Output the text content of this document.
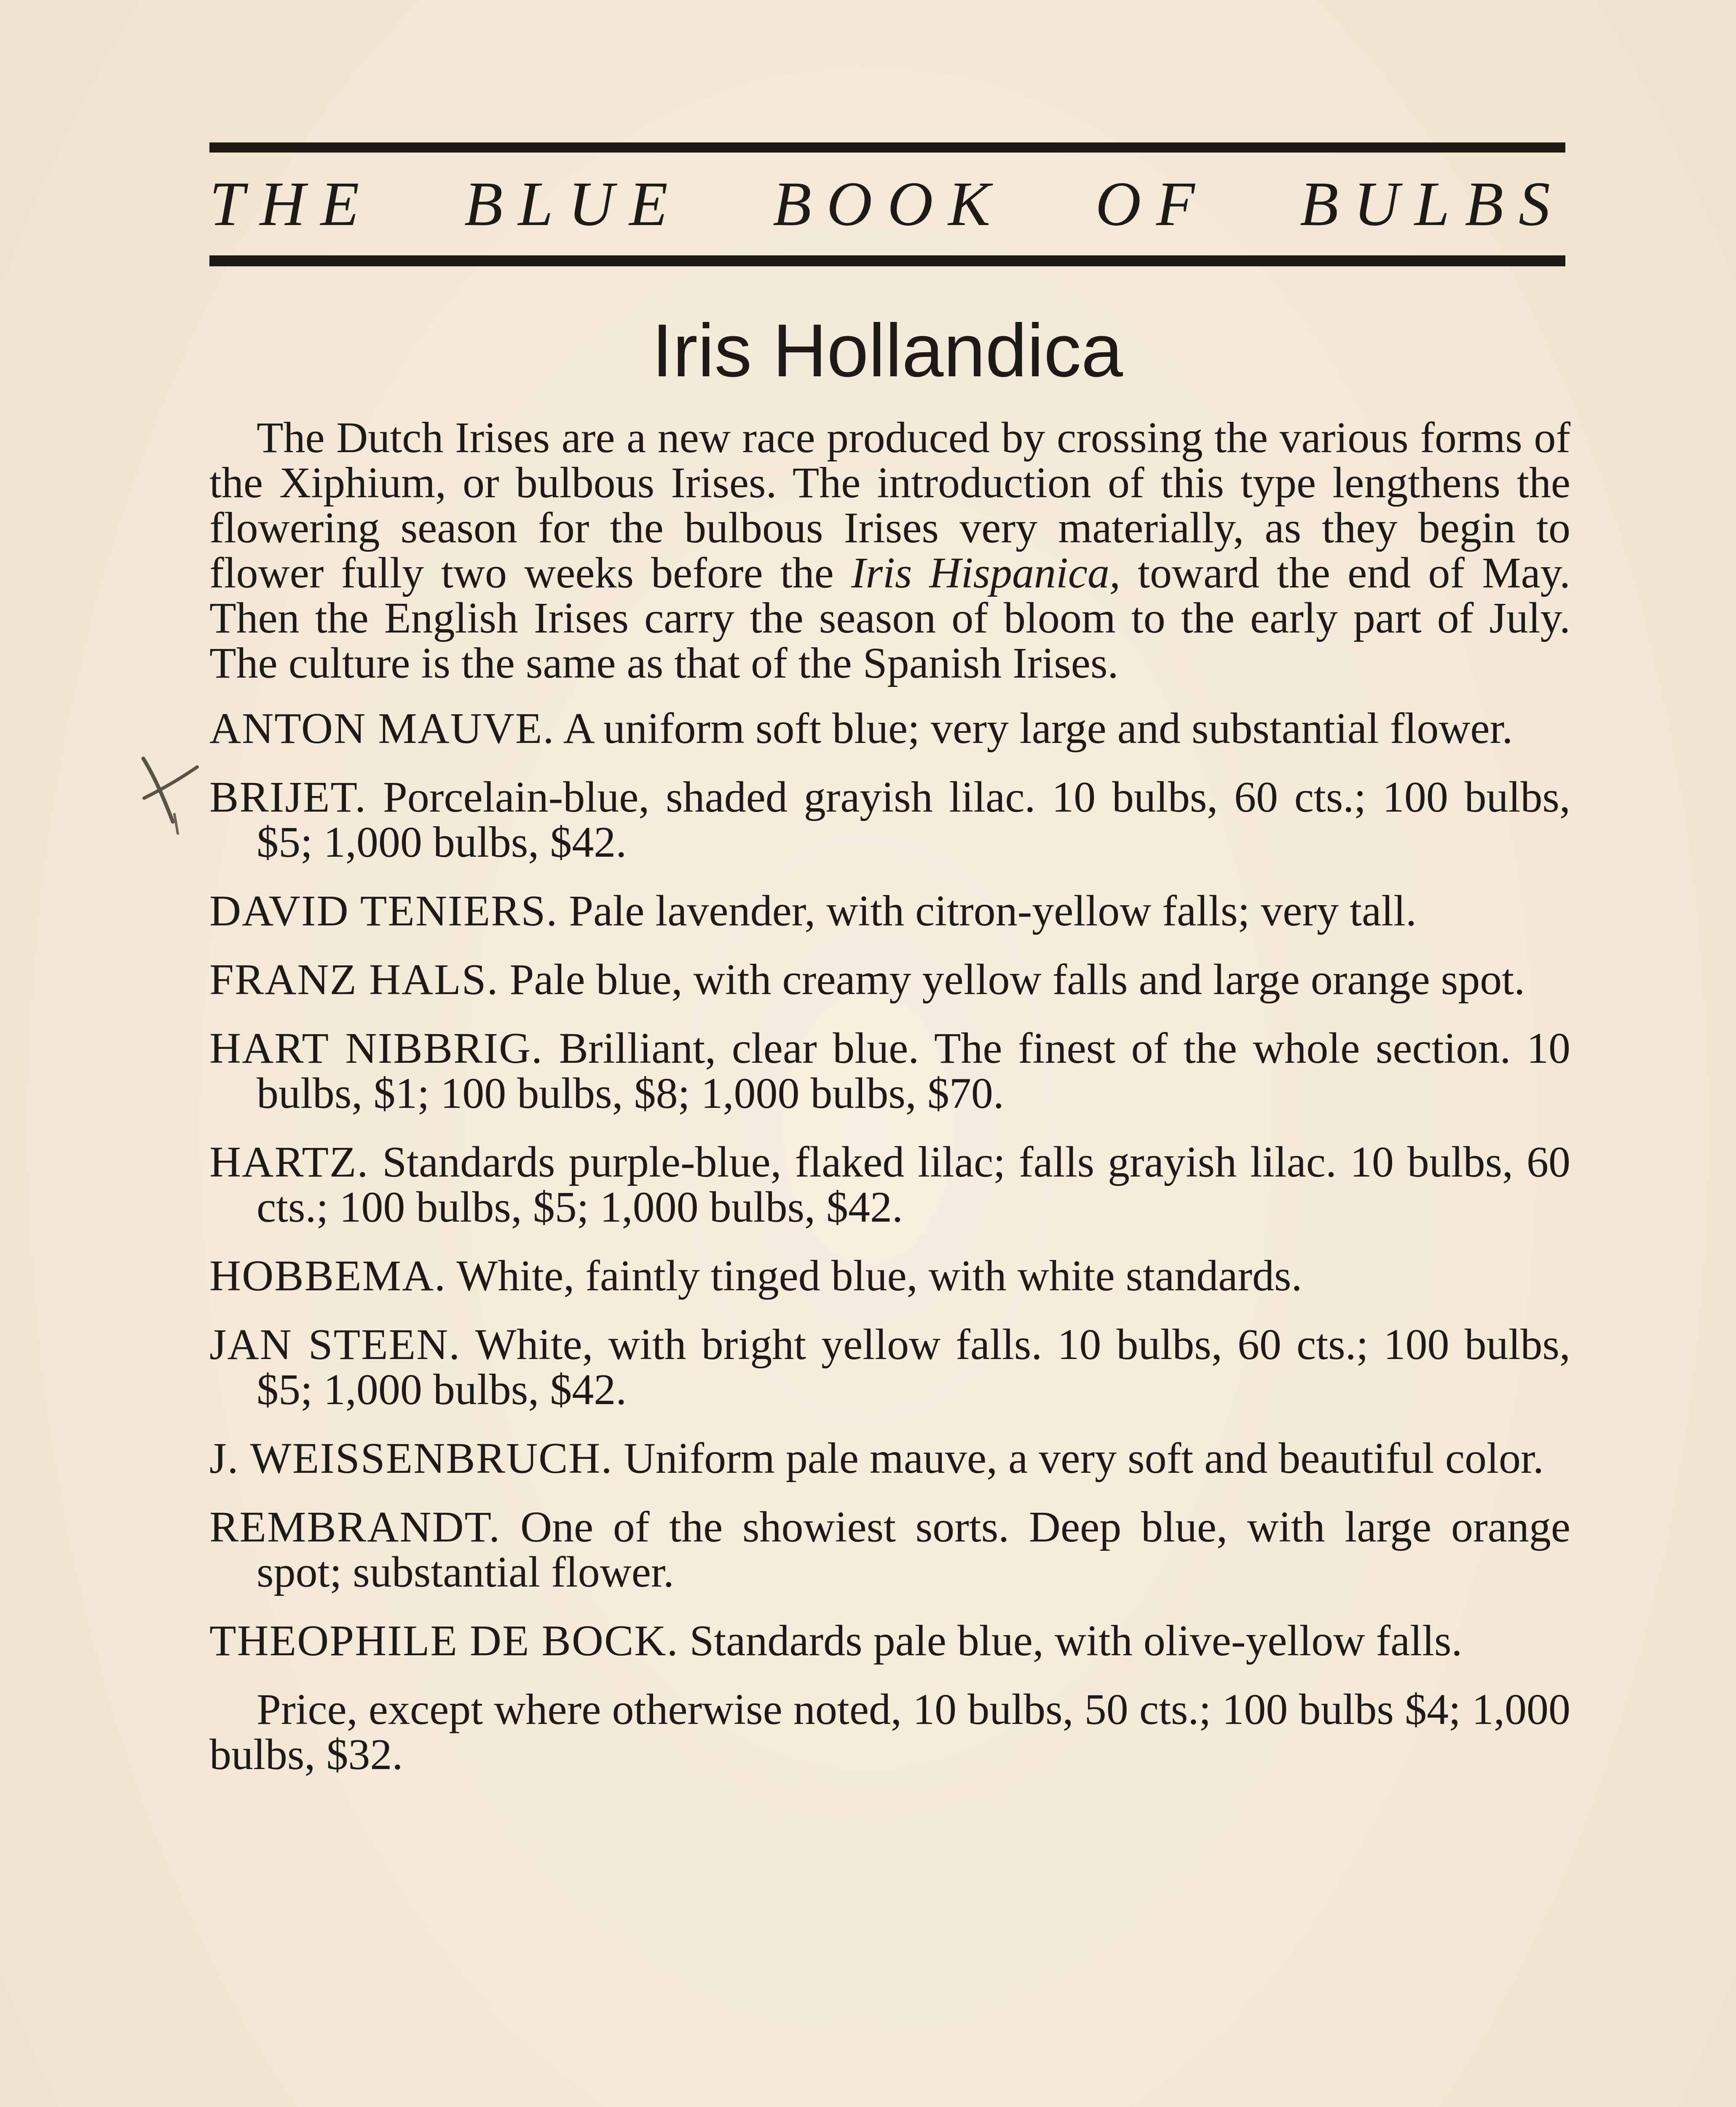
THE BLUE BOOK OF BULBS
Iris Hollandica

The Dutch Irises are a new race produced by crossing the various forms of the Xiphium, or bulbous Irises. The introduction of this type lengthens the flowering season for the bulbous Irises very materially, as they begin to flower fully two weeks before the Iris Hispanica, toward the end of May. Then the English Irises carry the season of bloom to the early part of July. The culture is the same as that of the Spanish Irises.

ANTON MAUVE. A uniform soft blue; very large and substantial flower.

BRIJET. Porcelain-blue, shaded grayish lilac. 10 bulbs, 60 cts.; 100 bulbs, $5; 1,000 bulbs, $42.

DAVID TENIERS. Pale lavender, with citron-yellow falls; very tall.

FRANZ HALS. Pale blue, with creamy yellow falls and large orange spot.

HART NIBBRIG. Brilliant, clear blue. The finest of the whole section. 10 bulbs, $1; 100 bulbs, $8; 1,000 bulbs, $70.

HARTZ. Standards purple-blue, flaked lilac; falls grayish lilac. 10 bulbs, 60 cts.; 100 bulbs, $5; 1,000 bulbs, $42.

HOBBEMA. White, faintly tinged blue, with white standards.

JAN STEEN. White, with bright yellow falls. 10 bulbs, 60 cts.; 100 bulbs, $5; 1,000 bulbs, $42.

J. WEISSENBRUCH. Uniform pale mauve, a very soft and beautiful color.

REMBRANDT. One of the showiest sorts. Deep blue, with large orange spot; substantial flower.

THEOPHILE DE BOCK. Standards pale blue, with olive-yellow falls.

Price, except where otherwise noted, 10 bulbs, 50 cts.; 100 bulbs $4; 1,000 bulbs, $32.
